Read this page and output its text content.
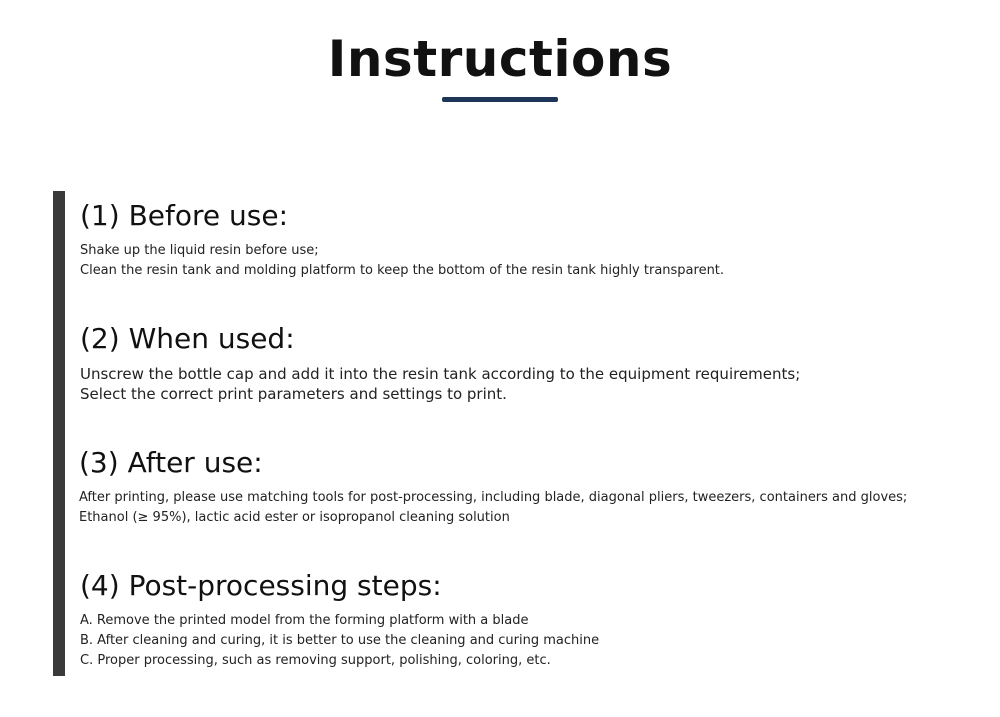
Instructions
(1) Before use:
Shake up the liquid resin before use;
Clean the resin tank and molding platform to keep the bottom of the resin tank highly transparent.
(2) When used:
Unscrew the bottle cap and add it into the resin tank according to the equipment requirements;
Select the correct print parameters and settings to print.
(3) After use:
After printing, please use matching tools for post-processing, including blade, diagonal pliers, tweezers, containers and gloves;
Ethanol (≥ 95%), lactic acid ester or isopropanol cleaning solution
(4) Post-processing steps:
A. Remove the printed model from the forming platform with a blade
B. After cleaning and curing, it is better to use the cleaning and curing machine
C. Proper processing, such as removing support, polishing, coloring, etc.
